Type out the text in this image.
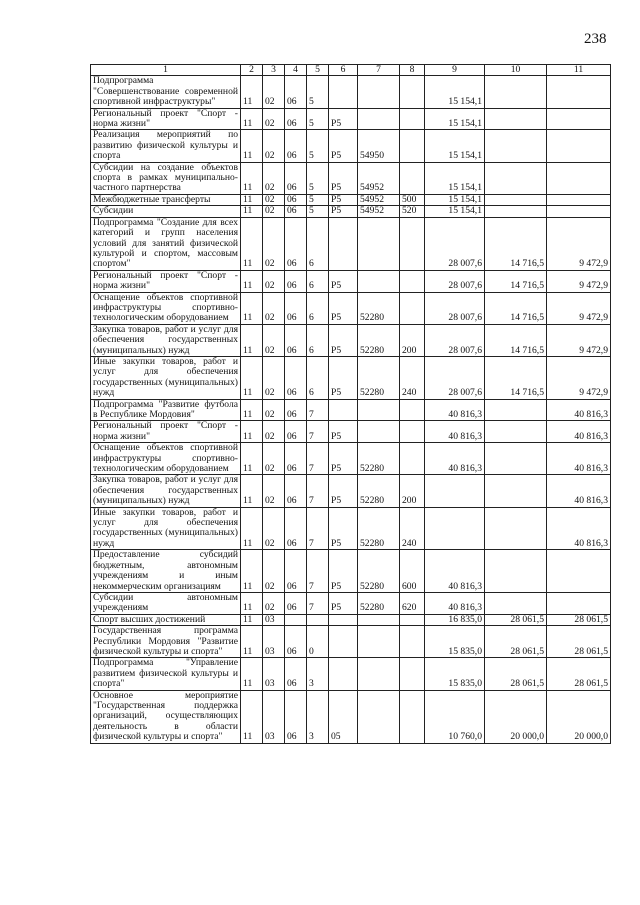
238
1	2	3	4	5	6	7	8	9	10	11
Подпрограмма "Совершенствование современной спортивной инфраструктуры"	11	02	06	5				15 154,1		
Региональный проект "Спорт - норма жизни"	11	02	06	5	P5			15 154,1		
Реализация мероприятий по развитию физической культуры и спорта	11	02	06	5	P5	54950		15 154,1		
Субсидии на создание объектов спорта в рамках муниципально-частного партнерства	11	02	06	5	P5	54952		15 154,1		
Межбюджетные трансферты	11	02	06	5	P5	54952	500	15 154,1		
Субсидии	11	02	06	5	P5	54952	520	15 154,1		
Подпрограмма "Создание для всех категорий и групп населения условий для занятий физической культурой и спортом, массовым спортом"	11	02	06	6				28 007,6	14 716,5	9 472,9
Региональный проект "Спорт - норма жизни"	11	02	06	6	P5			28 007,6	14 716,5	9 472,9
Оснащение объектов спортивной инфраструктуры спортивно-технологическим оборудованием	11	02	06	6	P5	52280		28 007,6	14 716,5	9 472,9
Закупка товаров, работ и услуг для обеспечения государственных (муниципальных) нужд	11	02	06	6	P5	52280	200	28 007,6	14 716,5	9 472,9
Иные закупки товаров, работ и услуг для обеспечения государственных (муниципальных) нужд	11	02	06	6	P5	52280	240	28 007,6	14 716,5	9 472,9
Подпрограмма "Развитие футбола в Республике Мордовия"	11	02	06	7				40 816,3		40 816,3
Региональный проект "Спорт - норма жизни"	11	02	06	7	P5			40 816,3		40 816,3
Оснащение объектов спортивной инфраструктуры спортивно-технологическим оборудованием	11	02	06	7	P5	52280		40 816,3		40 816,3
Закупка товаров, работ и услуг для обеспечения государственных (муниципальных) нужд	11	02	06	7	P5	52280	200			40 816,3
Иные закупки товаров, работ и услуг для обеспечения государственных (муниципальных) нужд	11	02	06	7	P5	52280	240			40 816,3
Предоставление субсидий бюджетным, автономным учреждениям и иным некоммерческим организациям	11	02	06	7	P5	52280	600	40 816,3		
Субсидии автономным учреждениям	11	02	06	7	P5	52280	620	40 816,3		
Спорт высших достижений	11	03						16 835,0	28 061,5	28 061,5
Государственная программа Республики Мордовия "Развитие физической культуры и спорта"	11	03	06	0				15 835,0	28 061,5	28 061,5
Подпрограмма "Управление развитием физической культуры и спорта"	11	03	06	3				15 835,0	28 061,5	28 061,5
Основное мероприятие "Государственная поддержка организаций, осуществляющих деятельность в области физической культуры и спорта"	11	03	06	3	05			10 760,0	20 000,0	20 000,0
